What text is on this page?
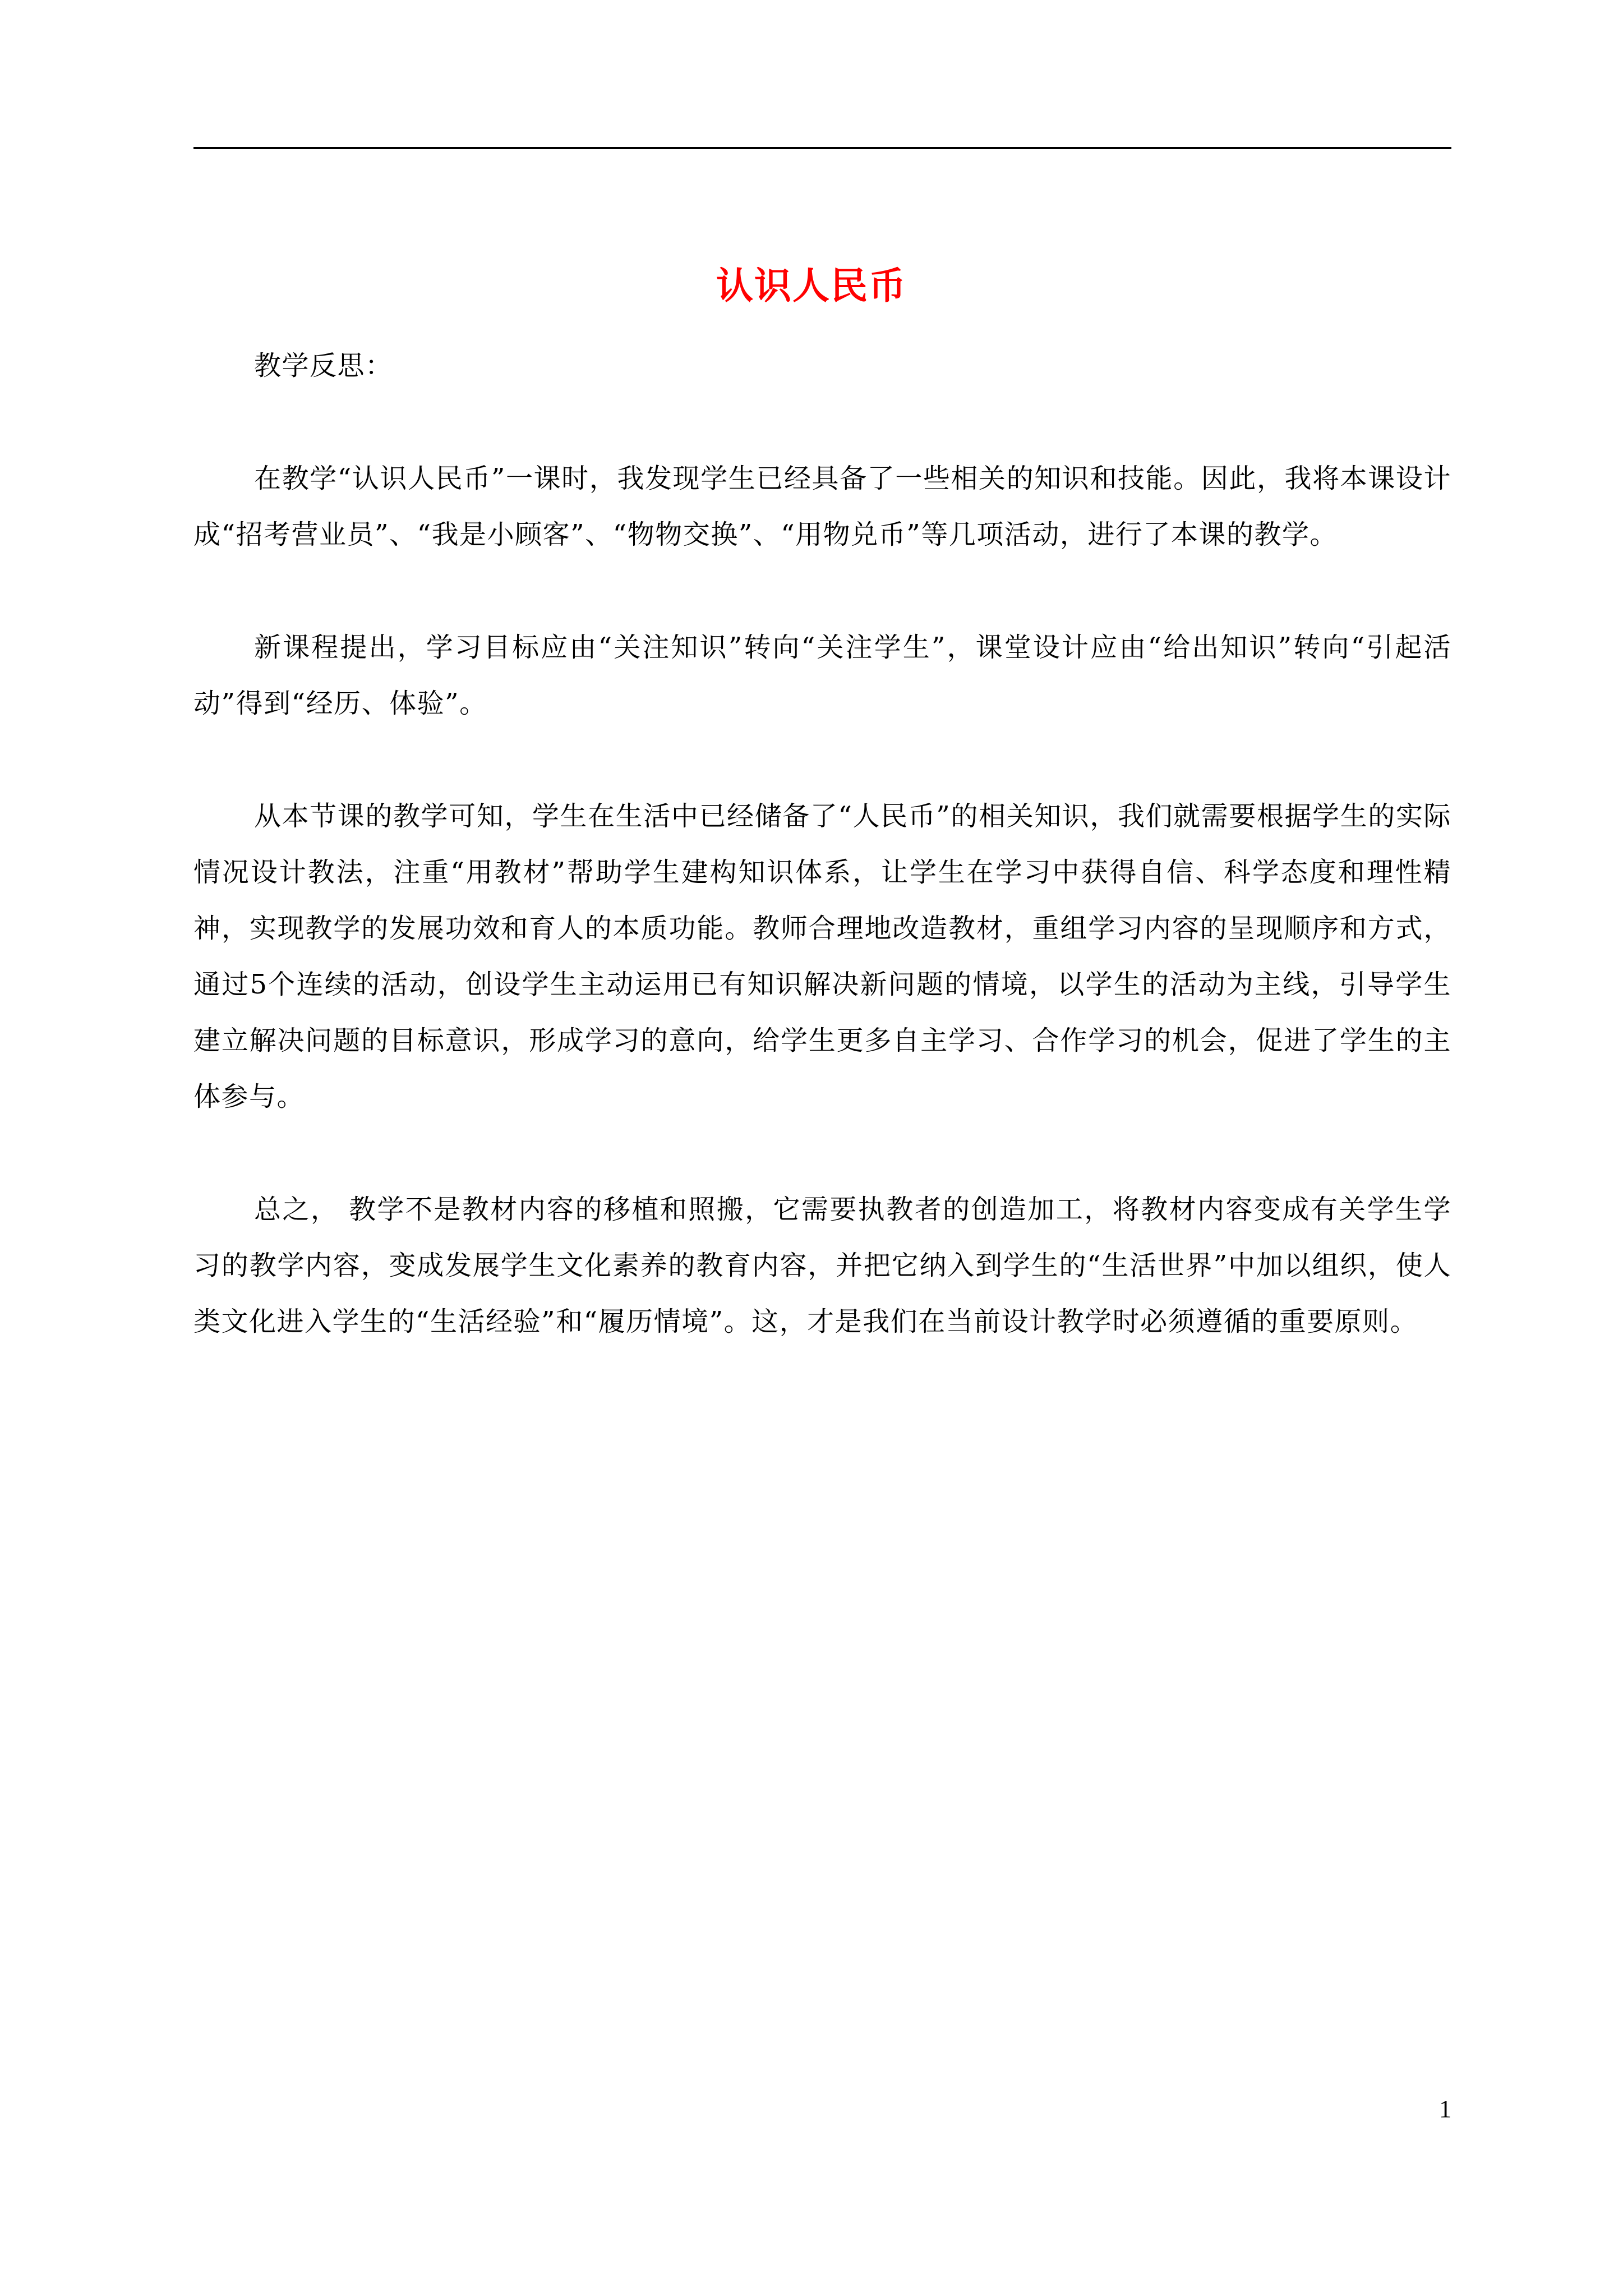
认识人民币

教学反思：

在教学“认识人民币”一课时，我发现学生已经具备了一些相关的知识和技能。因此，我将本课设计成“招考营业员”、“我是小顾客”、“物物交换”、“用物兑币”等几项活动，进行了本课的教学。

新课程提出，学习目标应由“关注知识”转向“关注学生”，课堂设计应由“给出知识”转向“引起活动”得到“经历、体验”。

从本节课的教学可知，学生在生活中已经储备了“人民币”的相关知识，我们就需要根据学生的实际情况设计教法，注重“用教材”帮助学生建构知识体系，让学生在学习中获得自信、科学态度和理性精神，实现教学的发展功效和育人的本质功能。教师合理地改造教材，重组学习内容的呈现顺序和方式，通过5个连续的活动，创设学生主动运用已有知识解决新问题的情境，以学生的活动为主线，引导学生建立解决问题的目标意识，形成学习的意向，给学生更多自主学习、合作学习的机会，促进了学生的主体参与。

总之， 教学不是教材内容的移植和照搬，它需要执教者的创造加工，将教材内容变成有关学生学习的教学内容，变成发展学生文化素养的教育内容，并把它纳入到学生的“生活世界”中加以组织，使人类文化进入学生的“生活经验”和“履历情境”。这，才是我们在当前设计教学时必须遵循的重要原则。

1
